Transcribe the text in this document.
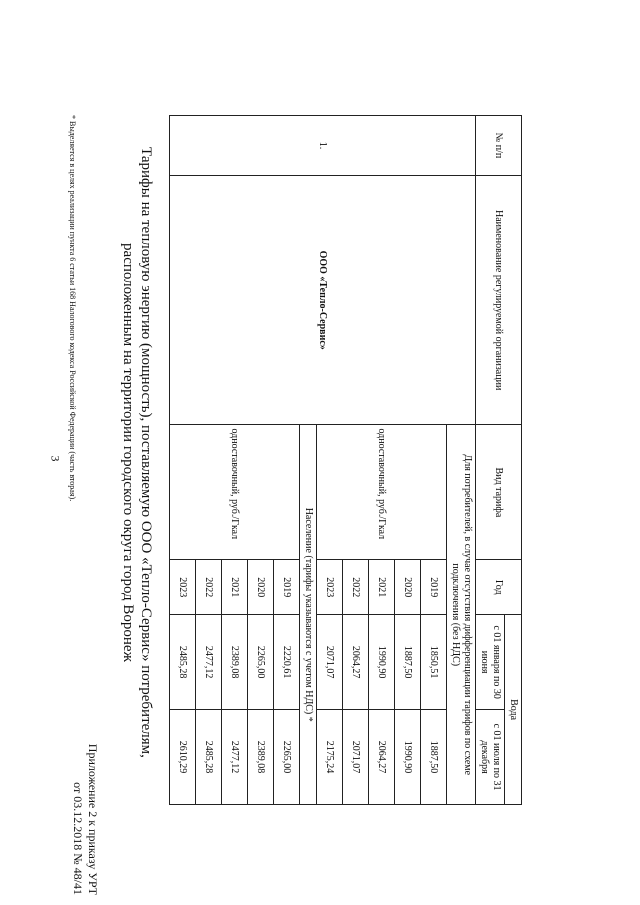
3
Приложение 2 к приказу УРТ
от 03.12.2018 № 48/41
Тарифы на тепловую энергию (мощность), поставляемую ООО «Тепло-Сервис» потребителям,
расположенным на территории городского округа город Воронеж
№ п/п	Наименование регулируемой организации	Вид тарифа	Год	Вода	
				с 01 января по 30 июня	с 01 июля по 31 декабря
1.	ООО «Тепло-Сервис»	Для потребителей, в случае отсутствия дифференциации тарифов по схеме подключения (без НДС)			
		одноставочный, руб./Гкал	2019	1850,51	1887,50
			2020	1887,50	1990,90
			2021	1990,90	2064,27
			2022	2064,27	2071,07
			2023	2071,07	2175,24
		Население (тарифы указываются с учетом НДС) *			
		одноставочный, руб./Гкал	2019	2220,61	2265,00
			2020	2265,00	2389,08
			2021	2389,08	2477,12
			2022	2477,12	2485,28
			2023	2485,28	2610,29
* Выделяется в целях реализации пункта 6 статьи 168 Налогового кодекса Российской Федерации (часть вторая).
